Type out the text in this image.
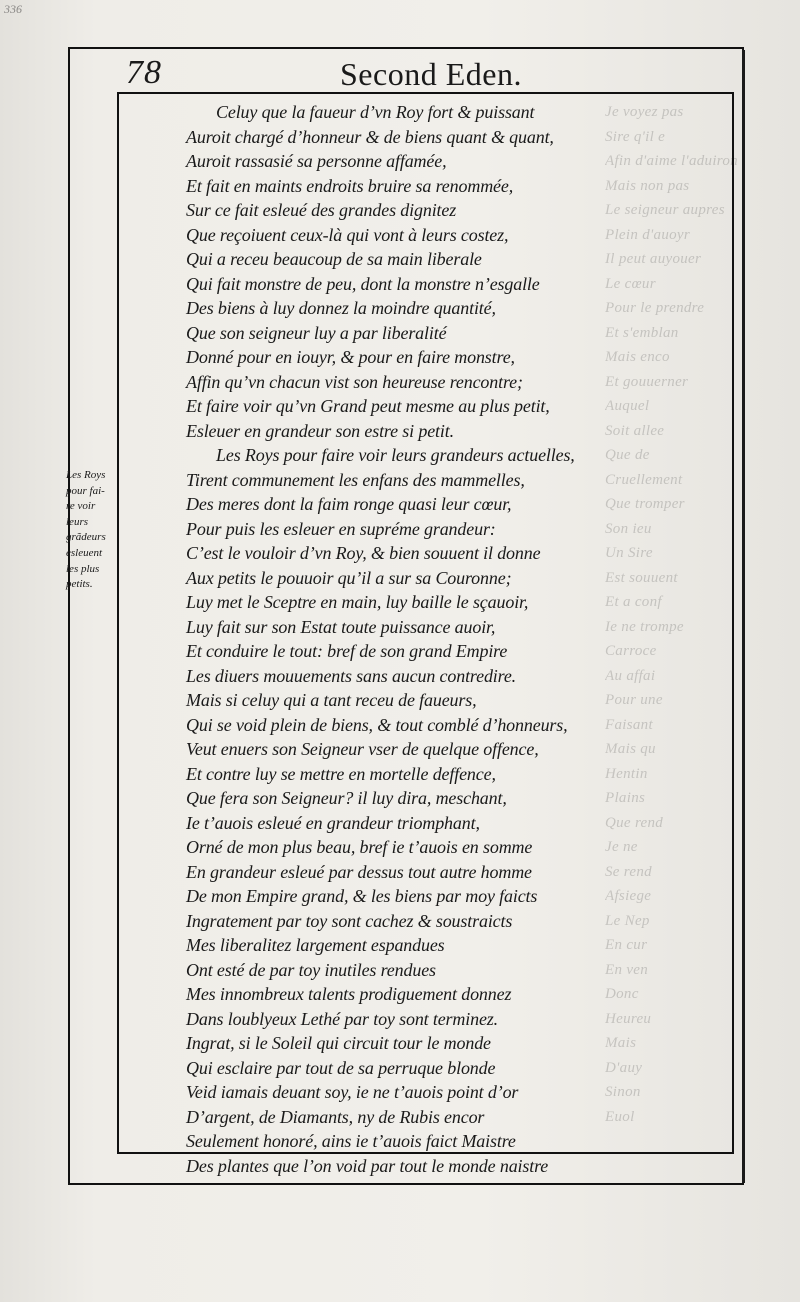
336
Je voyez pas
Sire q'il e
Afin d'aime l'aduiron
Mais non pas
Le seigneur aupres
Plein d'auoyr
Il peut auyouer
Le cœur
Pour le prendre
Et s'emblan
Mais enco
Et gouuerner
Auquel
Soit allee
Que de
Cruellement
Que tromper
Son ieu
Un Sire
Est souuent
Et a conf
Ie ne trompe
Carroce
Au affai
Pour une
Faisant
Mais qu
Hentin
Plains
Que rend
Je ne
Se rend
Afsiege
Le Nep
En cur
En ven
Donc
Heureu
Mais
D'auy
Sinon
Euol
78	Second Eden.
Les Roys
pour fai-
re voir
leurs
grãdeurs
esleuent
les plus
petits.
Celuy que la faueur d’vn Roy fort & puissant
Auroit chargé d’honneur & de biens quant & quant,
Auroit rassasié sa personne affamée,
Et fait en maints endroits bruire sa renommée,
Sur ce fait esleué des grandes dignitez
Que reçoiuent ceux-là qui vont à leurs costez,
Qui a receu beaucoup de sa main liberale
Qui fait monstre de peu, dont la monstre n’esgalle
Des biens à luy donnez la moindre quantité,
Que son seigneur luy a par liberalité
Donné pour en iouyr, & pour en faire monstre,
Affin qu’vn chacun vist son heureuse rencontre;
Et faire voir qu’vn Grand peut mesme au plus petit,
Esleuer en grandeur son estre si petit.
Les Roys pour faire voir leurs grandeurs actuelles,
Tirent communement les enfans des mammelles,
Des meres dont la faim ronge quasi leur cœur,
Pour puis les esleuer en supréme grandeur:
C’est le vouloir d’vn Roy, & bien souuent il donne
Aux petits le pouuoir qu’il a sur sa Couronne;
Luy met le Sceptre en main, luy baille le sçauoir,
Luy fait sur son Estat toute puissance auoir,
Et conduire le tout: bref de son grand Empire
Les diuers mouuements sans aucun contredire.
Mais si celuy qui a tant receu de faueurs,
Qui se void plein de biens, & tout comblé d’honneurs,
Veut enuers son Seigneur vser de quelque offence,
Et contre luy se mettre en mortelle deffence,
Que fera son Seigneur? il luy dira, meschant,
Ie t’auois esleué en grandeur triomphant,
Orné de mon plus beau, bref ie t’auois en somme
En grandeur esleué par dessus tout autre homme
De mon Empire grand, & les biens par moy faicts
Ingratement par toy sont cachez & soustraicts
Mes liberalitez largement espandues
Ont esté de par toy inutiles rendues
Mes innombreux talents prodiguement donnez
Dans loublyeux Lethé par toy sont terminez.
Ingrat, si le Soleil qui circuit tour le monde
Qui esclaire par tout de sa perruque blonde
Veid iamais deuant soy, ie ne t’auois point d’or
D’argent, de Diamants, ny de Rubis encor
Seulement honoré, ains ie t’auois faict Maistre
Des plantes que l’on void par tout le monde naistre
